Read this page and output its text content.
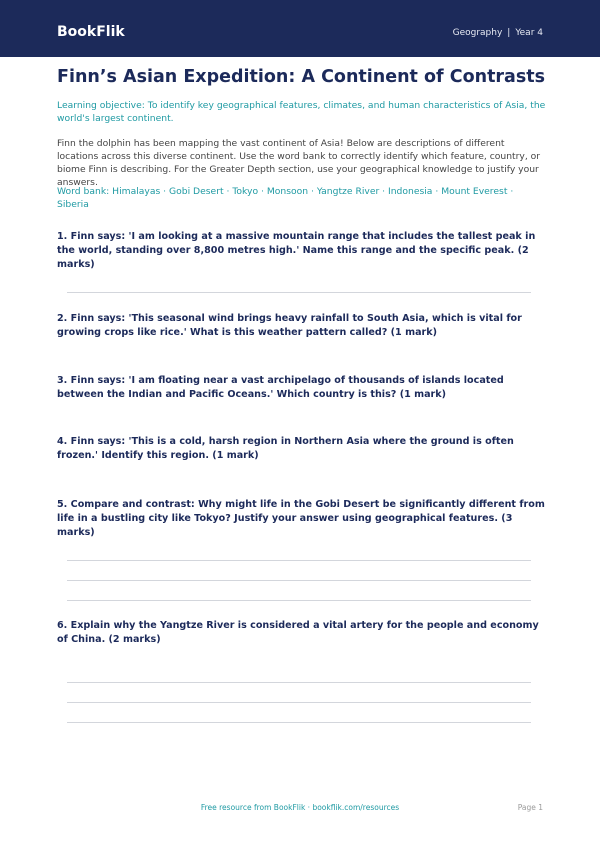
BookFlik	Geography | Year 4
Finn’s Asian Expedition: A Continent of Contrasts

Learning objective: To identify key geographical features, climates, and human characteristics of Asia, the world's largest continent.

Finn the dolphin has been mapping the vast continent of Asia! Below are descriptions of different locations across this diverse continent. Use the word bank to correctly identify which feature, country, or biome Finn is describing. For the Greater Depth section, use your geographical knowledge to justify your answers.

Word bank: Himalayas · Gobi Desert · Tokyo · Monsoon · Yangtze River · Indonesia · Mount Everest · Siberia

1. Finn says: 'I am looking at a massive mountain range that includes the tallest peak in the world, standing over 8,800 metres high.' Name this range and the specific peak. (2 marks)

2. Finn says: 'This seasonal wind brings heavy rainfall to South Asia, which is vital for growing crops like rice.' What is this weather pattern called? (1 mark)

3. Finn says: 'I am floating near a vast archipelago of thousands of islands located between the Indian and Pacific Oceans.' Which country is this? (1 mark)

4. Finn says: 'This is a cold, harsh region in Northern Asia where the ground is often frozen.' Identify this region. (1 mark)

5. Compare and contrast: Why might life in the Gobi Desert be significantly different from life in a bustling city like Tokyo? Justify your answer using geographical features. (3 marks)

6. Explain why the Yangtze River is considered a vital artery for the people and economy of China. (2 marks)

Free resource from BookFlik · bookflik.com/resources	Page 1
